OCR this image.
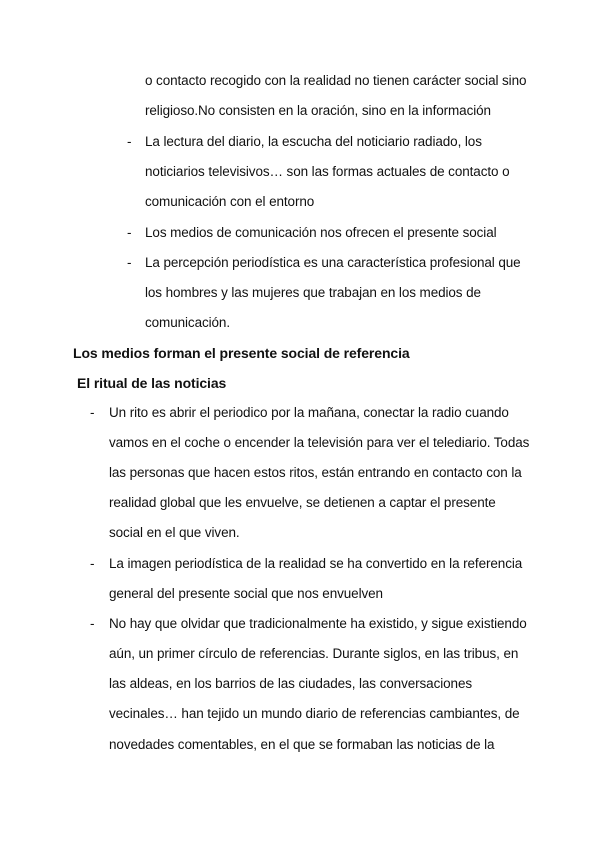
o contacto recogido con la realidad no tienen carácter social sino
religioso.No consisten en la oración, sino en la información
- La lectura del diario, la escucha del noticiario radiado, los
noticiarios televisivos… son las formas actuales de contacto o
comunicación con el entorno
- Los medios de comunicación nos ofrecen el presente social
- La percepción periodística es una característica profesional que
los hombres y las mujeres que trabajan en los medios de
comunicación.
Los medios forman el presente social de referencia
El ritual de las noticias
- Un rito es abrir el periodico por la mañana, conectar la radio cuando
vamos en el coche o encender la televisión para ver el telediario. Todas
las personas que hacen estos ritos, están entrando en contacto con la
realidad global que les envuelve, se detienen a captar el presente
social en el que viven.
- La imagen periodística de la realidad se ha convertido en la referencia
general del presente social que nos envuelven
- No hay que olvidar que tradicionalmente ha existido, y sigue existiendo
aún, un primer círculo de referencias. Durante siglos, en las tribus, en
las aldeas, en los barrios de las ciudades, las conversaciones
vecinales… han tejido un mundo diario de referencias cambiantes, de
novedades comentables, en el que se formaban las noticias de la
